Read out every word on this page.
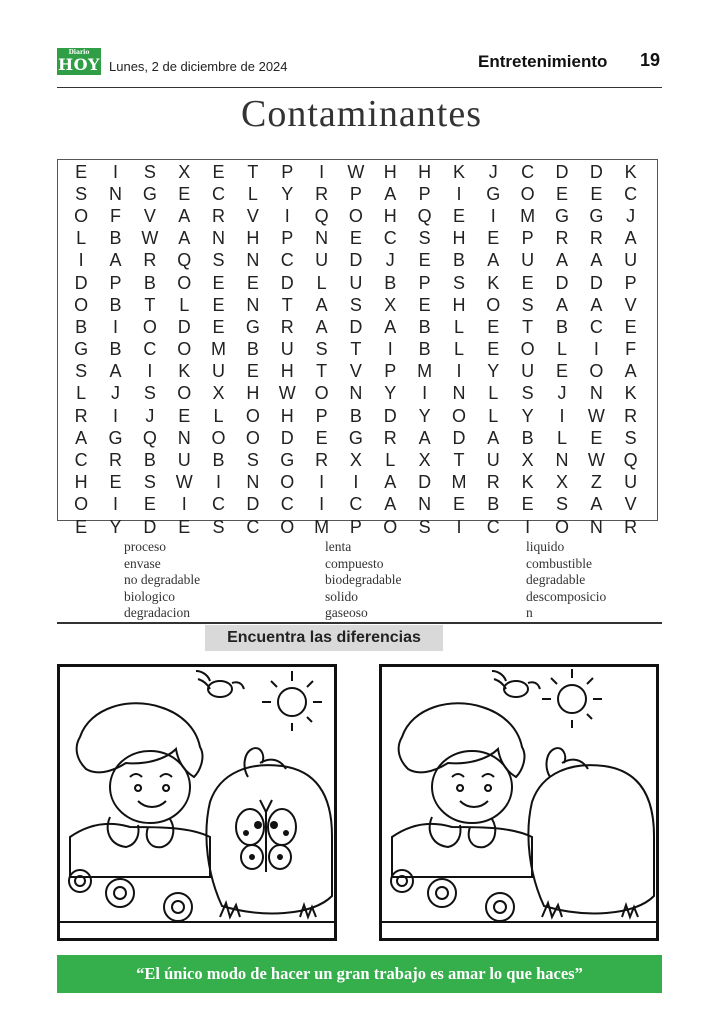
Diario
HOY Lunes, 2 de diciembre de 2024	Entretenimiento 19
Contaminantes
E	I	S	X	E	T	P	I	W	H	H	K	J	C	D	D	K
S	N	G	E	C	L	Y	R	P	A	P	I	G	O	E	E	C
O	F	V	A	R	V	I	Q	O	H	Q	E	I	M	G	G	J
L	B	W	A	N	H	P	N	E	C	S	H	E	P	R	R	A
I	A	R	Q	S	N	C	U	D	J	E	B	A	U	A	A	U
D	P	B	O	E	E	D	L	U	B	P	S	K	E	D	D	P
O	B	T	L	E	N	T	A	S	X	E	H	O	S	A	A	V
B	I	O	D	E	G	R	A	D	A	B	L	E	T	B	C	E
G	B	C	O	M	B	U	S	T	I	B	L	E	O	L	I	F
S	A	I	K	U	E	H	T	V	P	M	I	Y	U	E	O	A
L	J	S	O	X	H	W	O	N	Y	I	N	L	S	J	N	K
R	I	J	E	L	O	H	P	B	D	Y	O	L	Y	I	W	R
A	G	Q	N	O	O	D	E	G	R	A	D	A	B	L	E	S
C	R	B	U	B	S	G	R	X	L	X	T	U	X	N	W	Q
H	E	S	W	I	N	O	I	I	A	D	M	R	K	X	Z	U
O	I	E	I	C	D	C	I	C	A	N	E	B	E	S	A	V
E	Y	D	E	S	C	O	M	P	O	S	I	C	I	O	N	R
proceso
envase
no degradable
biologico
degradacion
lenta
compuesto
biodegradable
solido
gaseoso
liquido
combustible
degradable
descomposicio
n
Encuentra las diferencias
“El único modo de hacer un gran trabajo es amar lo que haces”
